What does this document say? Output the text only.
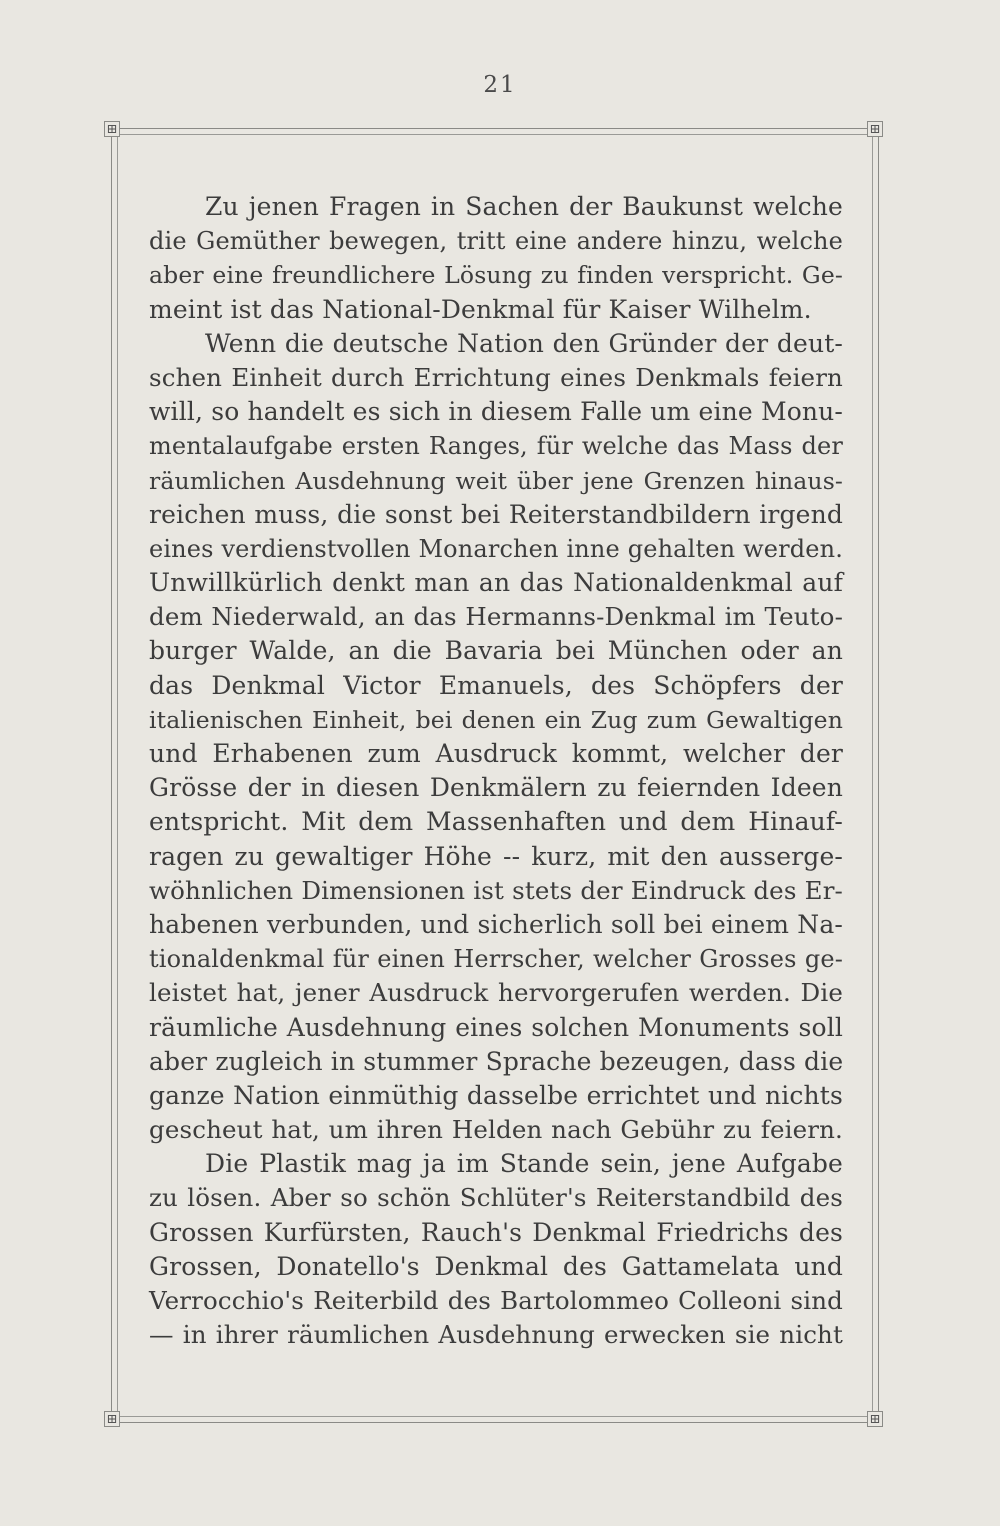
21
⊞	⊞
⊞	⊞
Zu jenen Fragen in Sachen der Baukunst welche
die Gemüther bewegen, tritt eine andere hinzu, welche
aber eine freundlichere Lösung zu finden verspricht. Ge-
meint ist das National-Denkmal für Kaiser Wilhelm.
Wenn die deutsche Nation den Gründer der deut-
schen Einheit durch Errichtung eines Denkmals feiern
will, so handelt es sich in diesem Falle um eine Monu-
mentalaufgabe ersten Ranges, für welche das Mass der
räumlichen Ausdehnung weit über jene Grenzen hinaus-
reichen muss, die sonst bei Reiterstandbildern irgend
eines verdienstvollen Monarchen inne gehalten werden.
Unwillkürlich denkt man an das Nationaldenkmal auf
dem Niederwald, an das Hermanns-Denkmal im Teuto-
burger Walde, an die Bavaria bei München oder an
das Denkmal Victor Emanuels, des Schöpfers der
italienischen Einheit, bei denen ein Zug zum Gewaltigen
und Erhabenen zum Ausdruck kommt, welcher der
Grösse der in diesen Denkmälern zu feiernden Ideen
entspricht. Mit dem Massenhaften und dem Hinauf-
ragen zu gewaltiger Höhe -- kurz, mit den ausserge-
wöhnlichen Dimensionen ist stets der Eindruck des Er-
habenen verbunden, und sicherlich soll bei einem Na-
tionaldenkmal für einen Herrscher, welcher Grosses ge-
leistet hat, jener Ausdruck hervorgerufen werden. Die
räumliche Ausdehnung eines solchen Monuments soll
aber zugleich in stummer Sprache bezeugen, dass die
ganze Nation einmüthig dasselbe errichtet und nichts
gescheut hat, um ihren Helden nach Gebühr zu feiern.
Die Plastik mag ja im Stande sein, jene Aufgabe
zu lösen. Aber so schön Schlüter's Reiterstandbild des
Grossen Kurfürsten, Rauch's Denkmal Friedrichs des
Grossen, Donatello's Denkmal des Gattamelata und
Verrocchio's Reiterbild des Bartolommeo Colleoni sind
— in ihrer räumlichen Ausdehnung erwecken sie nicht
